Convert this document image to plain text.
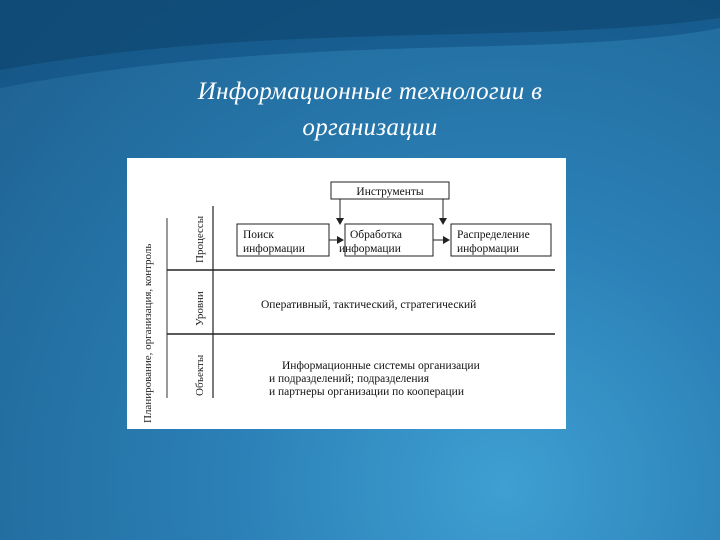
Информационные технологии в
организации
Планирование, организация, контроль
Процессы
Уровни
Объекты
Инструменты
Поиск
информации
Обработка
информации
Распределение
информации
Оперативный, тактический, стратегический
Информационные системы организации
и подразделений; подразделения
и партнеры организации по кооперации
